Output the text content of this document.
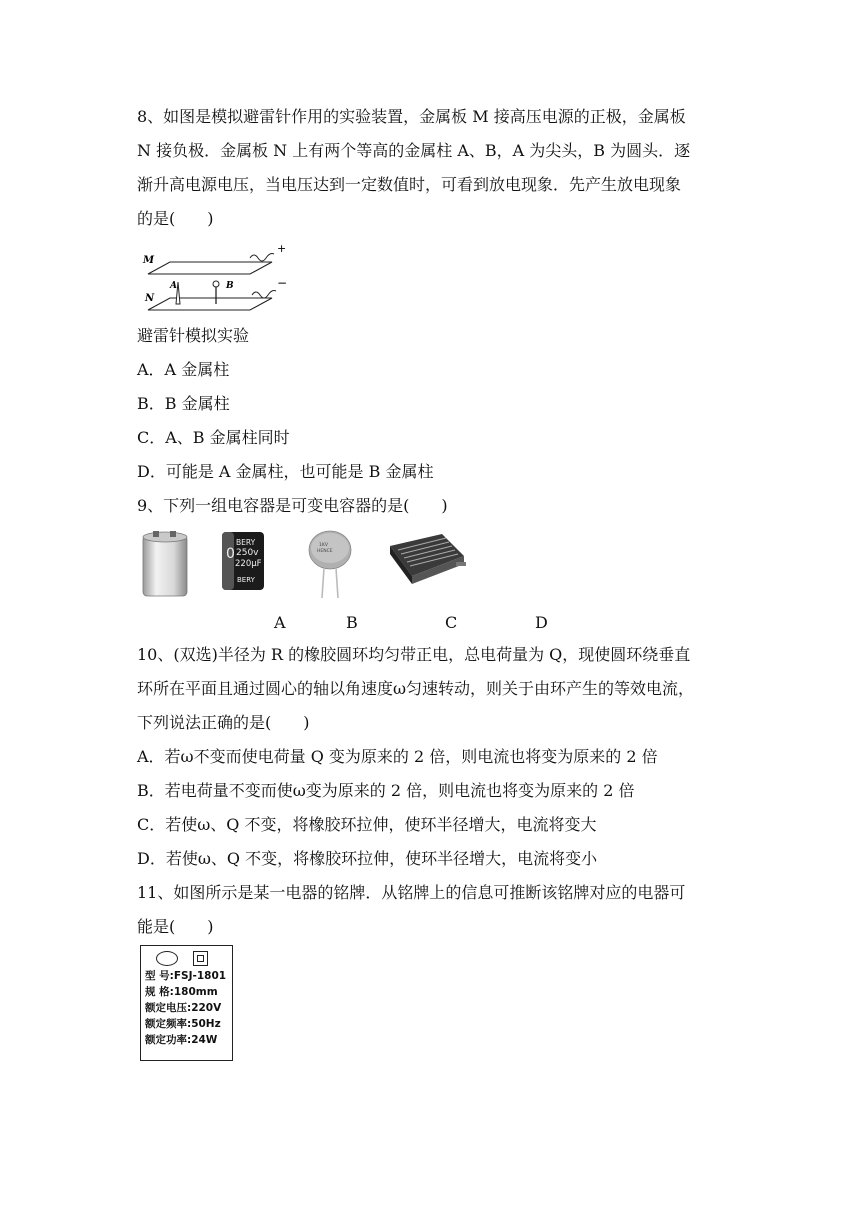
8、如图是模拟避雷针作用的实验装置，金属板 M 接高压电源的正极，金属板
N 接负极．金属板 N 上有两个等高的金属柱 A、B，A 为尖头，B 为圆头．逐
渐升高电源电压，当电压达到一定数值时，可看到放电现象．先产生放电现象
的是(　　)
+
M
−
N
A	B
避雷针模拟实验
A．A 金属柱
B．B 金属柱
C．A、B 金属柱同时
D．可能是 A 金属柱，也可能是 B 金属柱
9、下列一组电容器是可变电容器的是(　　)
0
BERY
250v
220μF
BERY
1KV
HENCE
A	B	C	D
10、(双选)半径为 R 的橡胶圆环均匀带正电，总电荷量为 Q，现使圆环绕垂直
环所在平面且通过圆心的轴以角速度ω匀速转动，则关于由环产生的等效电流，
下列说法正确的是(　　)
A．若ω不变而使电荷量 Q 变为原来的 2 倍，则电流也将变为原来的 2 倍
B．若电荷量不变而使ω变为原来的 2 倍，则电流也将变为原来的 2 倍
C．若使ω、Q 不变，将橡胶环拉伸，使环半径增大，电流将变大
D．若使ω、Q 不变，将橡胶环拉伸，使环半径增大，电流将变小
11、如图所示是某一电器的铭牌．从铭牌上的信息可推断该铭牌对应的电器可
能是(　　)
型 号:FSJ-1801
规 格:180mm
额定电压:220V
额定频率:50Hz
额定功率:24W
